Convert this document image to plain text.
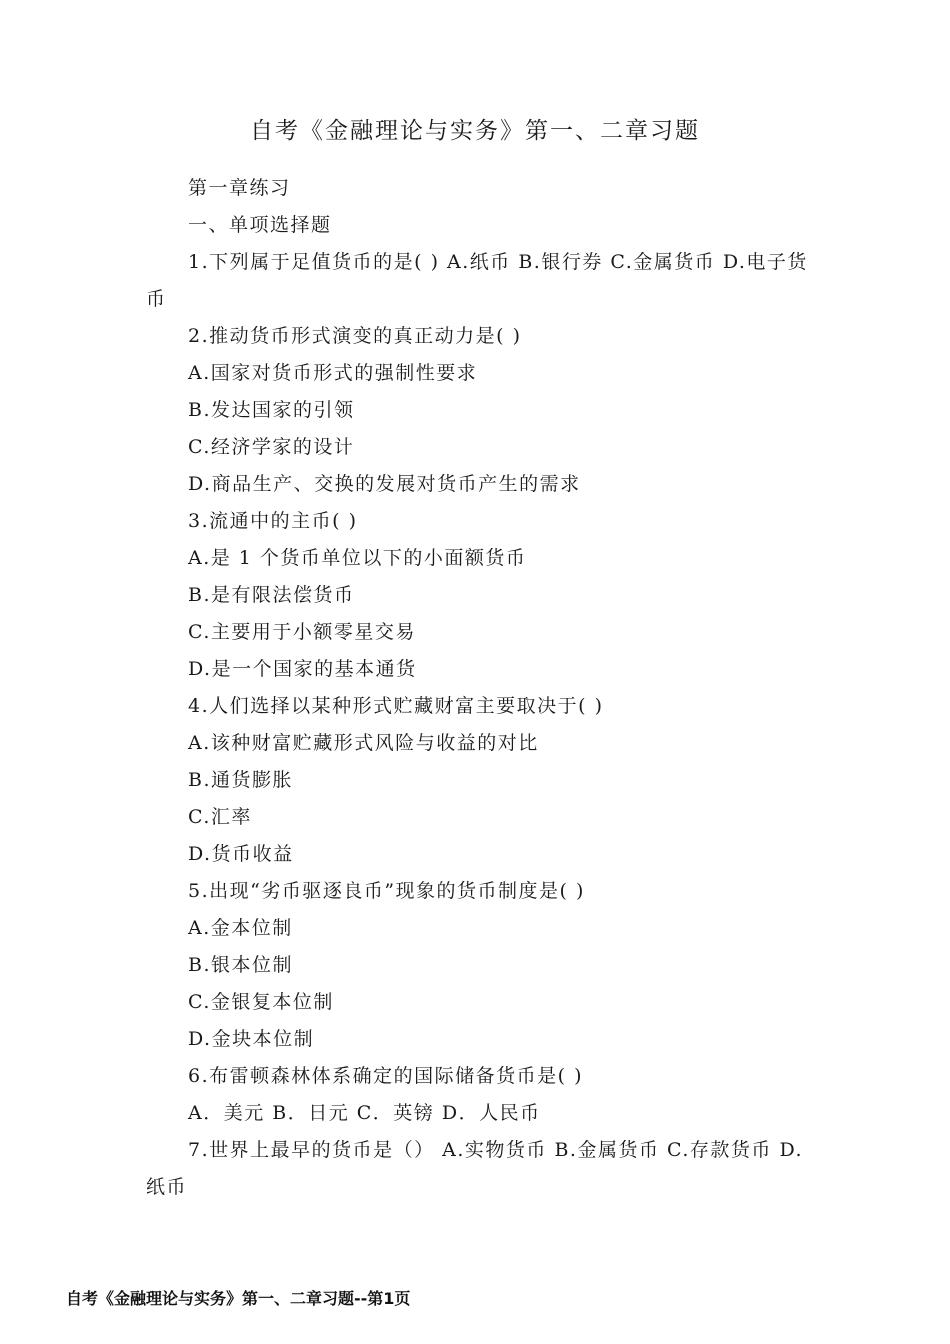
自考《金融理论与实务》第一、二章习题
第一章练习
一、单项选择题
1.下列属于足值货币的是( ) A.纸币 B.银行券 C.金属货币 D.电子货
币
2.推动货币形式演变的真正动力是( )
A.国家对货币形式的强制性要求
B.发达国家的引领
C.经济学家的设计
D.商品生产、交换的发展对货币产生的需求
3.流通中的主币( )
A.是 1 个货币单位以下的小面额货币
B.是有限法偿货币
C.主要用于小额零星交易
D.是一个国家的基本通货
4.人们选择以某种形式贮藏财富主要取决于( )
A.该种财富贮藏形式风险与收益的对比
B.通货膨胀
C.汇率
D.货币收益
5.出现“劣币驱逐良币”现象的货币制度是( )
A.金本位制
B.银本位制
C.金银复本位制
D.金块本位制
6.布雷顿森林体系确定的国际储备货币是( )
A．美元 B．日元 C．英镑 D．人民币
7.世界上最早的货币是（） A.实物货币 B.金属货币 C.存款货币 D.
纸币
自考《金融理论与实务》第一、二章习题--第1页
